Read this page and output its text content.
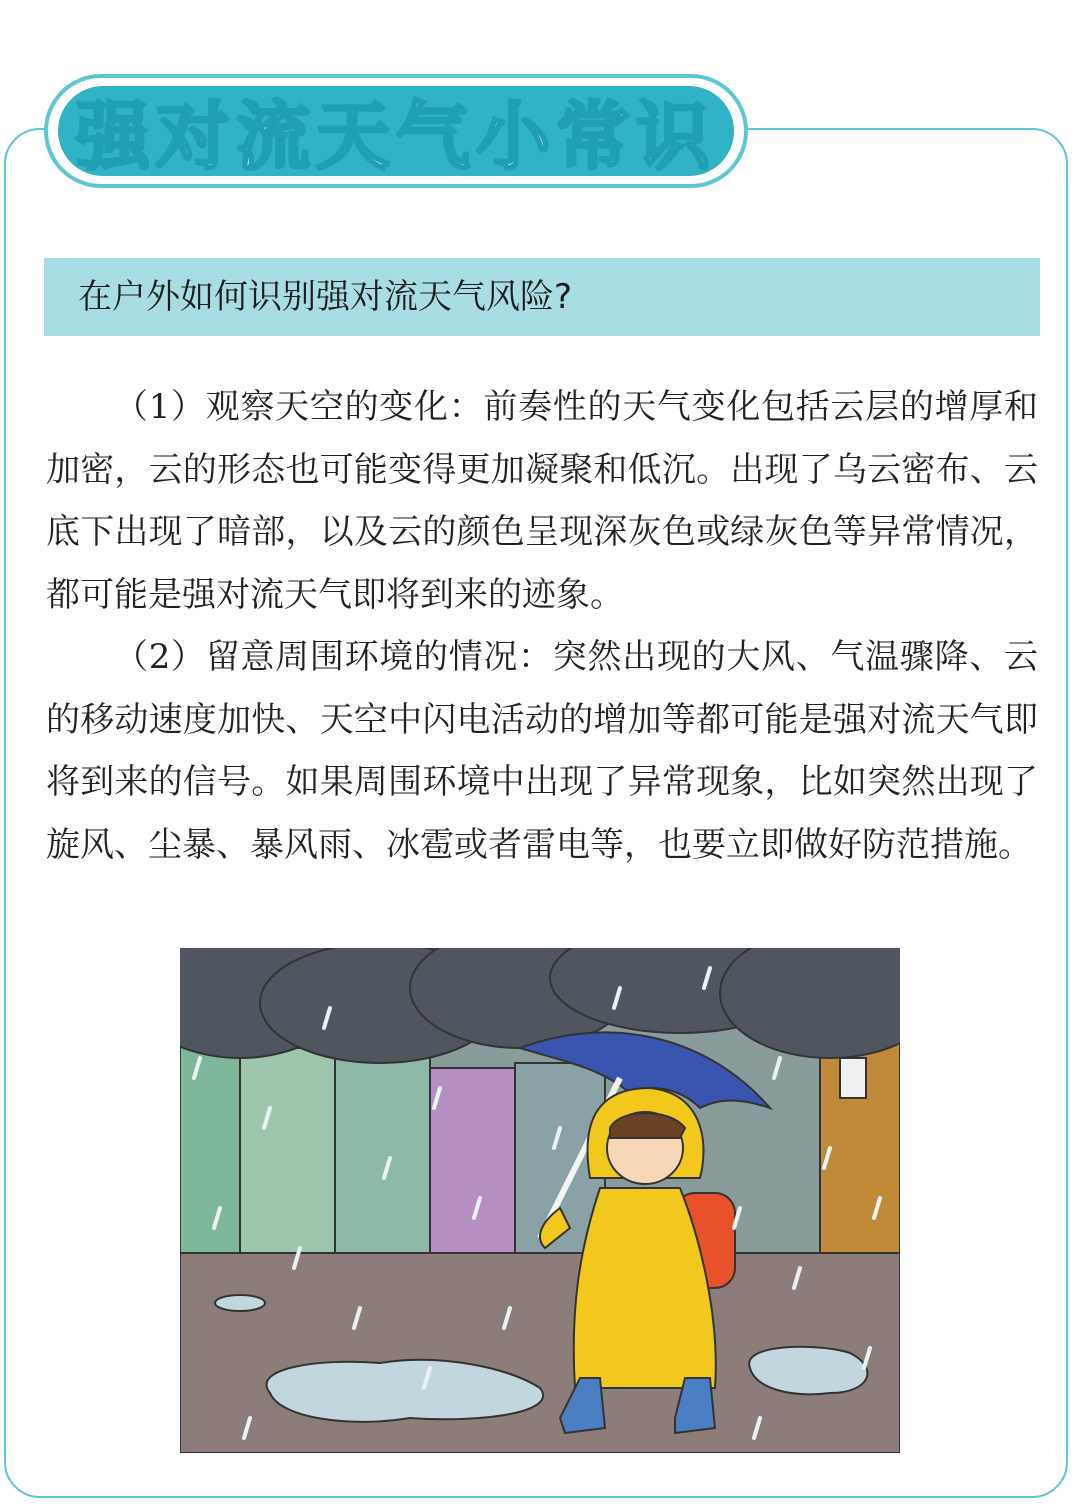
强对流天气小常识
在户外如何识别强对流天气风险?

（1）观察天空的变化：前奏性的天气变化包括云层的增厚和加密，云的形态也可能变得更加凝聚和低沉。出现了乌云密布、云底下出现了暗部，以及云的颜色呈现深灰色或绿灰色等异常情况，都可能是强对流天气即将到来的迹象。

（2）留意周围环境的情况：突然出现的大风、气温骤降、云的移动速度加快、天空中闪电活动的增加等都可能是强对流天气即将到来的信号。如果周围环境中出现了异常现象，比如突然出现了旋风、尘暴、暴风雨、冰雹或者雷电等，也要立即做好防范措施。
